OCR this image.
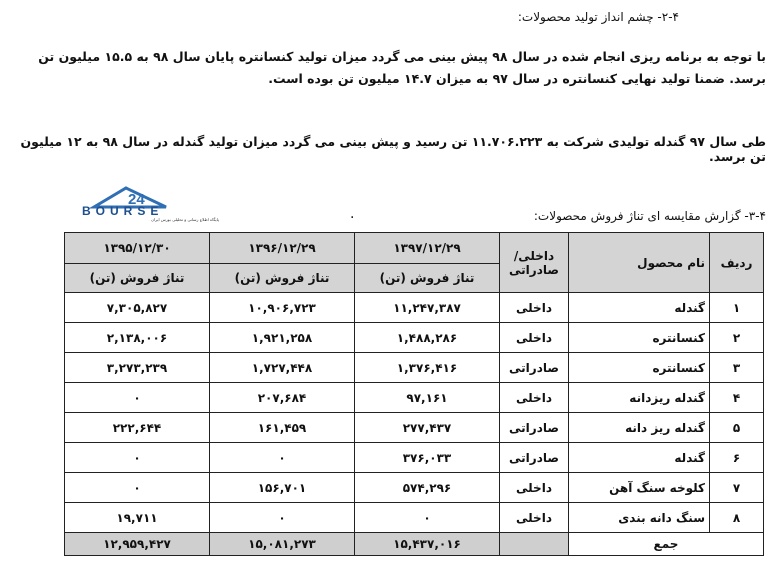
۲-۴- چشم انداز تولید محصولات:
با توجه به برنامه ریزی انجام شده در سال ۹۸ پیش بینی می گردد میزان تولید کنسانتره پایان سال ۹۸ به ۱۵.۵ میلیون تن برسد. ضمنا تولید نهایی کنسانتره در سال ۹۷ به میزان ۱۴.۷ میلیون تن بوده است.
طی سال ۹۷ گندله تولیدی شرکت به ۱۱.۷۰۶.۲۲۳ تن رسید و پیش بینی می گردد میزان تولید گندله در سال ۹۸ به ۱۲ میلیون تن برسد.
24
BOURSE
پایگاه اطلاع رسانی و تحلیلی بورس ایران	·	۳-۴- گزارش مقایسه ای تناژ فروش محصولات:
ردیف	نام محصول	داخلی/ صادراتی	۱۳۹۷/۱۲/۲۹	۱۳۹۶/۱۲/۲۹	۱۳۹۵/۱۲/۳۰
			تناژ فروش (تن)	تناژ فروش (تن)	تناژ فروش (تن)
۱	گندله	داخلی	۱۱,۲۴۷,۳۸۷	۱۰,۹۰۶,۷۲۳	۷,۳۰۵,۸۲۷
۲	کنسانتره	داخلی	۱,۴۸۸,۲۸۶	۱,۹۲۱,۲۵۸	۲,۱۳۸,۰۰۶
۳	کنسانتره	صادراتی	۱,۳۷۶,۴۱۶	۱,۷۲۷,۴۴۸	۳,۲۷۳,۲۳۹
۴	گندله ریزدانه	داخلی	۹۷,۱۶۱	۲۰۷,۶۸۴	۰
۵	گندله ریز دانه	صادراتی	۲۷۷,۴۳۷	۱۶۱,۴۵۹	۲۲۲,۶۴۴
۶	گندله	صادراتی	۳۷۶,۰۳۳	۰	۰
۷	کلوخه سنگ آهن	داخلی	۵۷۴,۲۹۶	۱۵۶,۷۰۱	۰
۸	سنگ دانه بندی	داخلی	۰	۰	۱۹,۷۱۱
جمع			۱۵,۴۳۷,۰۱۶	۱۵,۰۸۱,۲۷۳	۱۲,۹۵۹,۴۲۷
